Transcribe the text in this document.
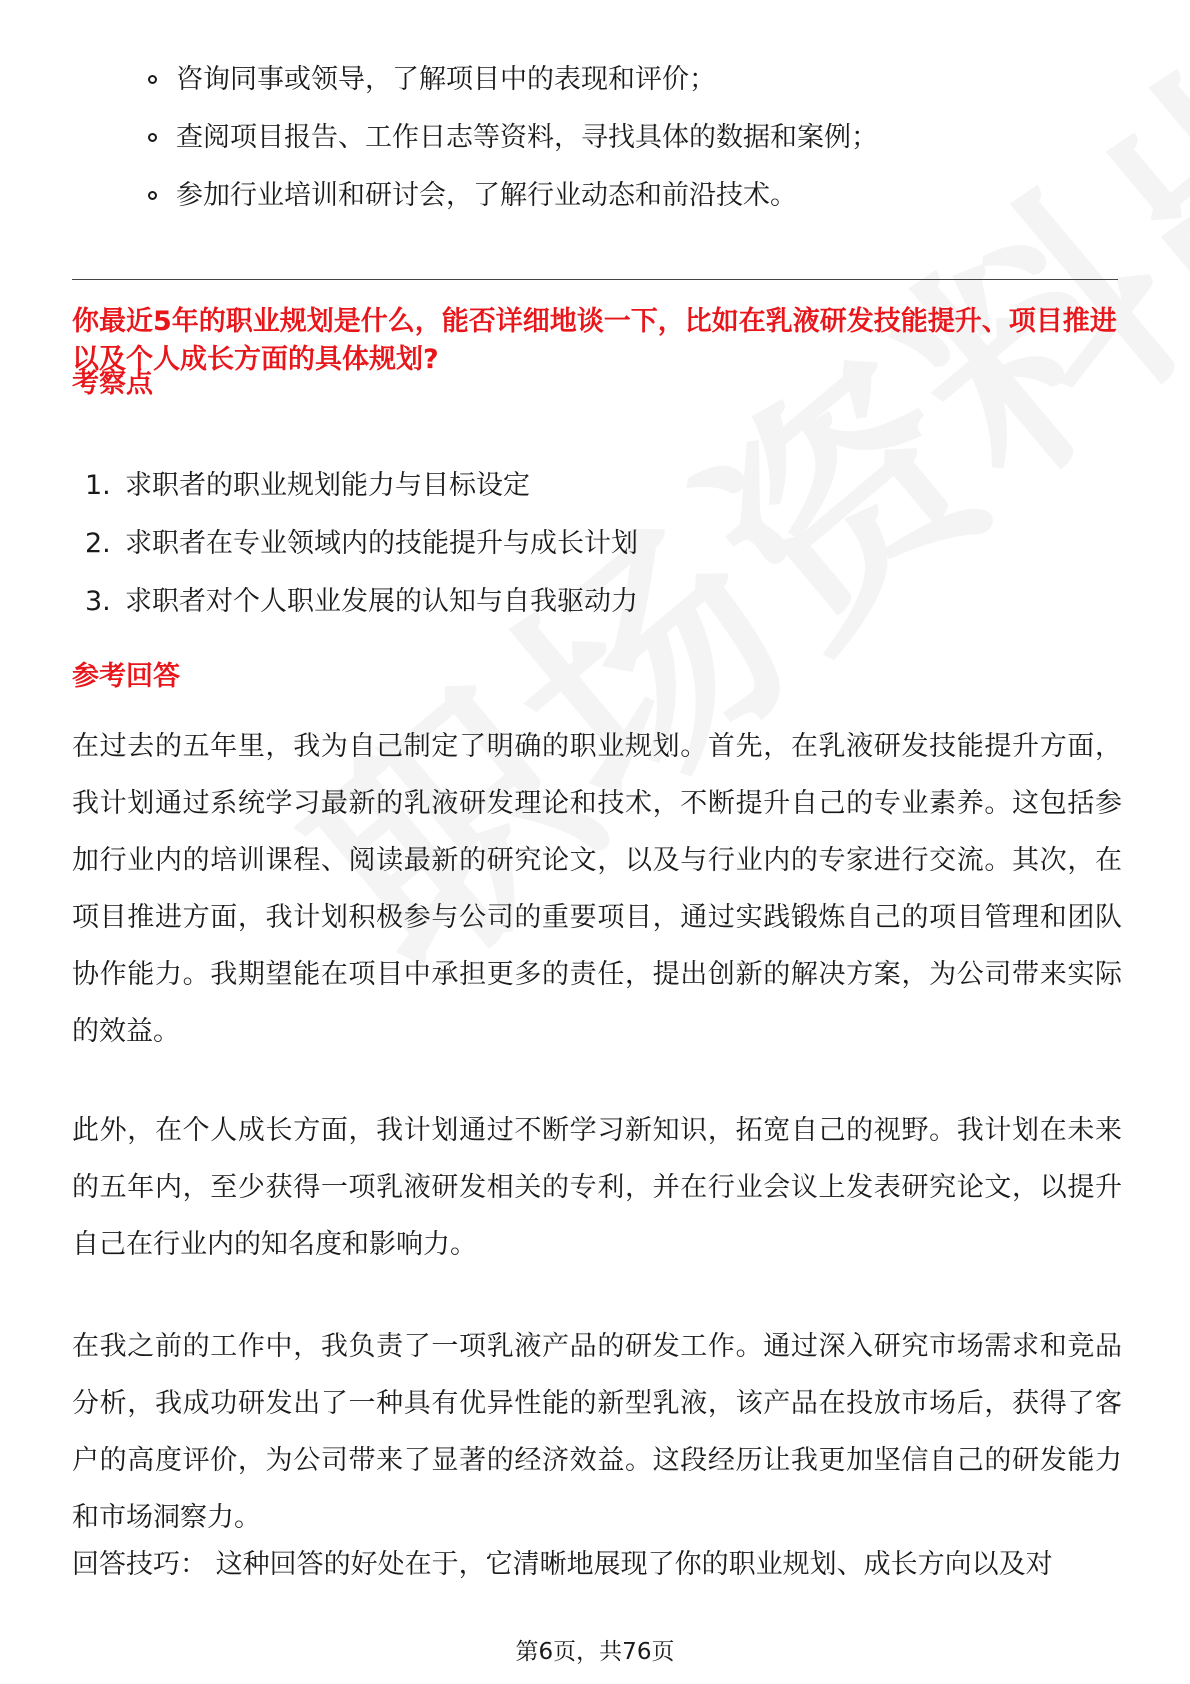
咨询同事或领导，了解项目中的表现和评价；
查阅项目报告、工作日志等资料，寻找具体的数据和案例；
参加行业培训和研讨会，了解行业动态和前沿技术。
你最近5年的职业规划是什么，能否详细地谈一下，比如在乳液研发技能提升、项目推进以及个人成长方面的具体规划?
考察点
1. 求职者的职业规划能力与目标设定
2. 求职者在专业领域内的技能提升与成长计划
3. 求职者对个人职业发展的认知与自我驱动力
参考回答

在过去的五年里，我为自己制定了明确的职业规划。首先，在乳液研发技能提升方面，我计划通过系统学习最新的乳液研发理论和技术，不断提升自己的专业素养。这包括参加行业内的培训课程、阅读最新的研究论文，以及与行业内的专家进行交流。其次，在项目推进方面，我计划积极参与公司的重要项目，通过实践锻炼自己的项目管理和团队协作能力。我期望能在项目中承担更多的责任，提出创新的解决方案，为公司带来实际的效益。

此外，在个人成长方面，我计划通过不断学习新知识，拓宽自己的视野。我计划在未来的五年内，至少获得一项乳液研发相关的专利，并在行业会议上发表研究论文，以提升自己在行业内的知名度和影响力。

在我之前的工作中，我负责了一项乳液产品的研发工作。通过深入研究市场需求和竞品分析，我成功研发出了一种具有优异性能的新型乳液，该产品在投放市场后，获得了客户的高度评价，为公司带来了显著的经济效益。这段经历让我更加坚信自己的研发能力和市场洞察力。

回答技巧： 这种回答的好处在于，它清晰地展现了你的职业规划、成长方向以及对

第6页，共76页
